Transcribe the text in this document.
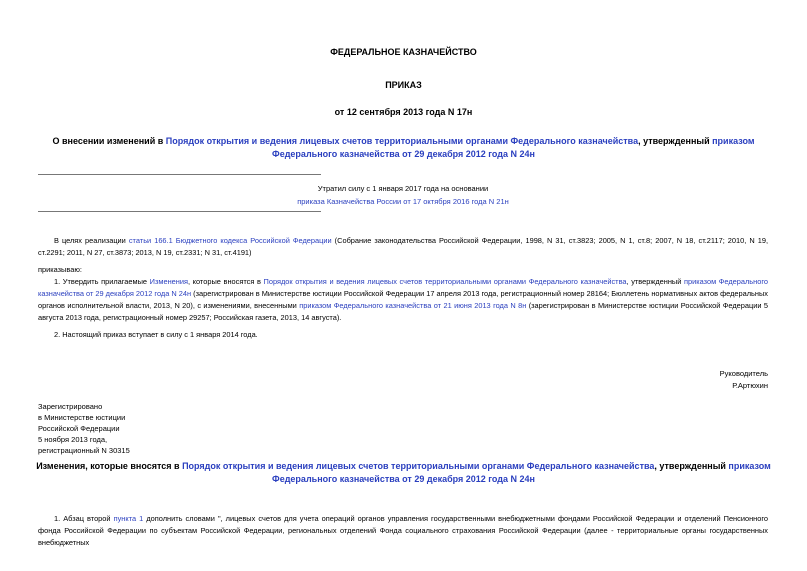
ФЕДЕРАЛЬНОЕ КАЗНАЧЕЙСТВО
ПРИКАЗ
от 12 сентября 2013 года N 17н
О внесении изменений в Порядок открытия и ведения лицевых счетов территориальными органами Федерального казначейства, утвержденный приказом
Федерального казначейства от 29 декабря 2012 года N 24н
Утратил силу с 1 января 2017 года на основании
приказа Казначейства России от 17 октября 2016 года N 21н
В целях реализации статьи 166.1 Бюджетного кодекса Российской Федерации (Собрание законодательства Российской Федерации, 1998, N 31, ст.3823; 2005, N 1, ст.8; 2007, N 18, ст.2117; 2010, N 19, ст.2291; 2011, N 27, ст.3873; 2013, N 19, ст.2331; N 31, ст.4191)
приказываю:
1. Утвердить прилагаемые Изменения, которые вносятся в Порядок открытия и ведения лицевых счетов территориальными органами Федерального казначейства, утвержденный приказом Федерального казначейства от 29 декабря 2012 года N 24н (зарегистрирован в Министерстве юстиции Российской Федерации 17 апреля 2013 года, регистрационный номер 28164; Бюллетень нормативных актов федеральных органов исполнительной власти, 2013, N 20), с изменениями, внесенными приказом Федерального казначейства от 21 июня 2013 года N 8н (зарегистрирован в Министерстве юстиции Российской Федерации 5 августа 2013 года, регистрационный номер 29257; Российская газета, 2013, 14 августа).
2. Настоящий приказ вступает в силу с 1 января 2014 года.
Руководитель
Р.Артюхин
Зарегистрировано
в Министерстве юстиции
Российской Федерации
5 ноября 2013 года,
регистрационный N 30315
Изменения, которые вносятся в Порядок открытия и ведения лицевых счетов территориальными органами Федерального казначейства, утвержденный приказом
Федерального казначейства от 29 декабря 2012 года N 24н
1. Абзац второй пункта 1 дополнить словами ", лицевых счетов для учета операций органов управления государственными внебюджетными фондами Российской Федерации и отделений Пенсионного фонда Российской Федерации по субъектам Российской Федерации, региональных отделений Фонда социального страхования Российской Федерации (далее - территориальные органы государственных внебюджетных
